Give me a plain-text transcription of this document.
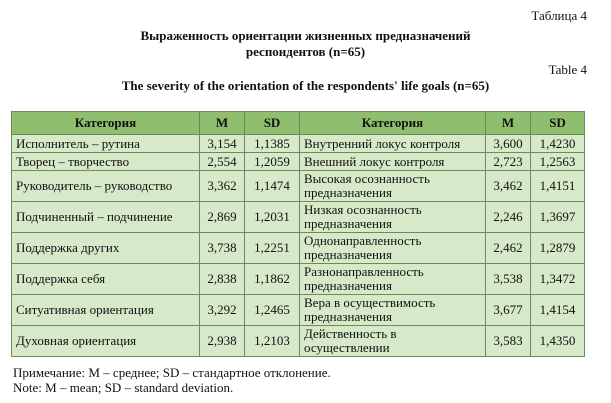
Таблица 4
Выраженность ориентации жизненных предназначений
респондентов (n=65)
Table 4
The severity of the orientation of the respondents' life goals (n=65)
Категория	M	SD	Категория	M	SD
Исполнитель – рутина	3,154	1,1385	Внутренний локус контроля	3,600	1,4230
Творец – творчество	2,554	1,2059	Внешний локус контроля	2,723	1,2563
Руководитель – руководство	3,362	1,1474	Высокая осознанность предназначения	3,462	1,4151
Подчиненный – подчинение	2,869	1,2031	Низкая осознанность предназначения	2,246	1,3697
Поддержка других	3,738	1,2251	Однонаправленность предназначения	2,462	1,2879
Поддержка себя	2,838	1,1862	Разнонаправленность предназначения	3,538	1,3472
Ситуативная ориентация	3,292	1,2465	Вера в осуществимость предназначения	3,677	1,4154
Духовная ориентация	2,938	1,2103	Действенность в осуществлении	3,583	1,4350
Примечание: M – среднее; SD – стандартное отклонение.
Note: M – mean; SD – standard deviation.
